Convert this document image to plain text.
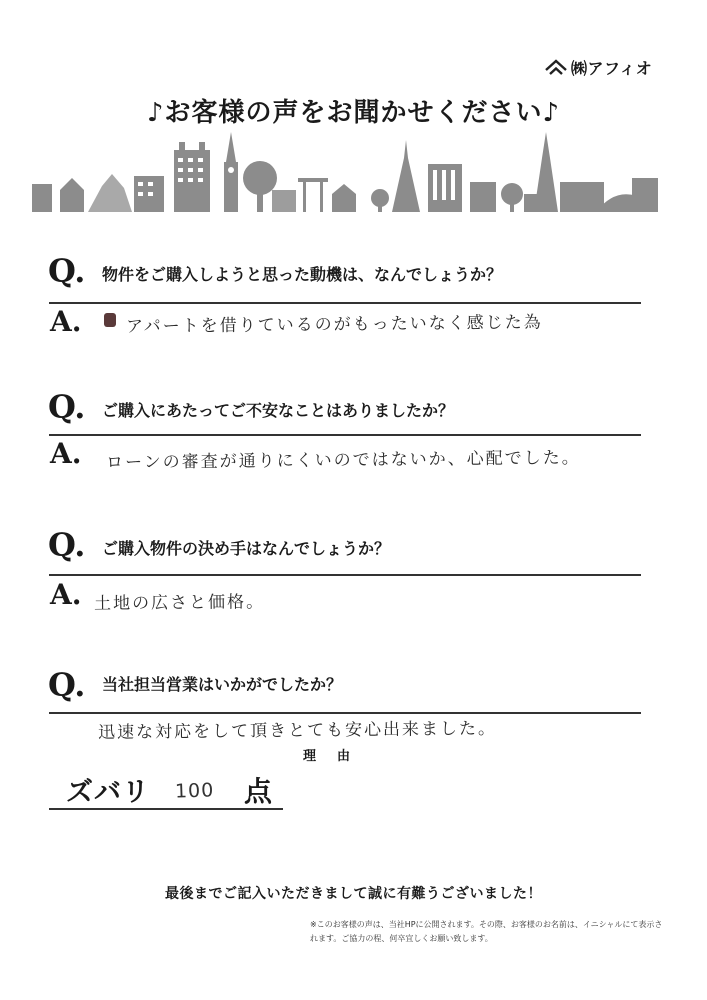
㈱アフィオ
♪お客様の声をお聞かせください♪
Q. 物件をご購入しようと思った動機は、なんでしょうか？
A.	アパートを借りているのがもったいなく感じた為
Q. ご購入にあたってご不安なことはありましたか？
A. ローンの審査が通りにくいのではないか、心配でした。
Q. ご購入物件の決め手はなんでしょうか？
A. 土地の広さと価格。
Q. 当社担当営業はいかがでしたか？
迅速な対応をして頂きとても安心出来ました。
理　由
ズバリ 100 点
最後までご記入いただきまして誠に有難うございました！
※このお客様の声は、当社HPに公開されます。その際、お客様のお名前は、イニシャルにて表示されます。ご協力の程、何卒宜しくお願い致します。
